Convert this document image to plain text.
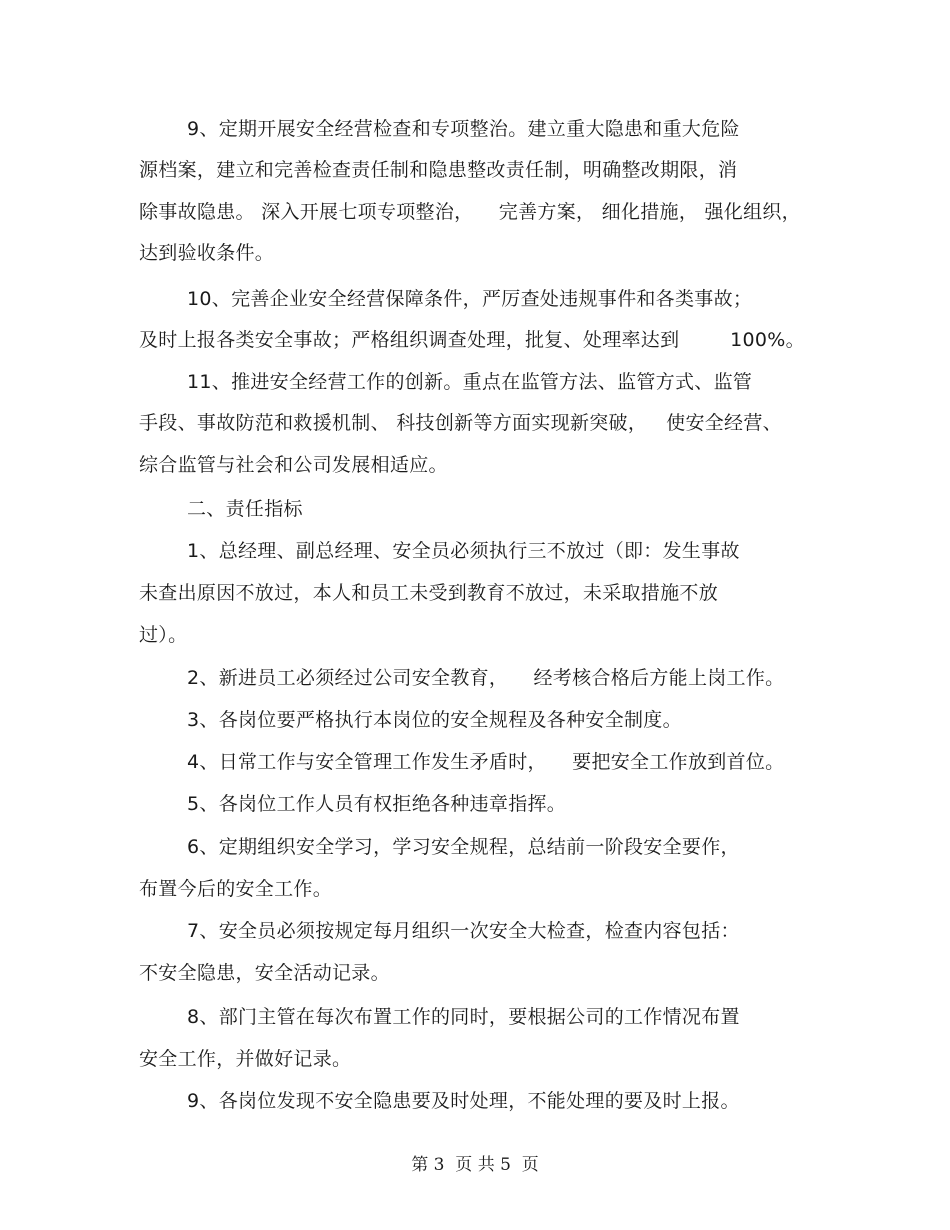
9、定期开展安全经营检查和专项整治。建立重大隐患和重大危险
源档案，建立和完善检查责任制和隐患整改责任制，明确整改期限，消
除事故隐患。 深入开展七项专项整治，    完善方案， 细化措施， 强化组织，
达到验收条件。
10、完善企业安全经营保障条件，严厉查处违规事件和各类事故；
及时上报各类安全事故；严格组织调查处理，批复、处理率达到        100%。
11、推进安全经营工作的创新。重点在监管方法、监管方式、监管
手段、事故防范和救援机制、 科技创新等方面实现新突破，   使安全经营、
综合监管与社会和公司发展相适应。
二、责任指标
1、总经理、副总经理、安全员必须执行三不放过（即：发生事故
未查出原因不放过，本人和员工未受到教育不放过，未采取措施不放
过）。
2、新进员工必须经过公司安全教育，    经考核合格后方能上岗工作。
3、各岗位要严格执行本岗位的安全规程及各种安全制度。
4、日常工作与安全管理工作发生矛盾时，    要把安全工作放到首位。
5、各岗位工作人员有权拒绝各种违章指挥。
6、定期组织安全学习，学习安全规程，总结前一阶段安全要作，
布置今后的安全工作。
7、安全员必须按规定每月组织一次安全大检查，检查内容包括：
不安全隐患，安全活动记录。
8、部门主管在每次布置工作的同时，要根据公司的工作情况布置
安全工作，并做好记录。
9、各岗位发现不安全隐患要及时处理，不能处理的要及时上报。
第 3  页 共 5  页
